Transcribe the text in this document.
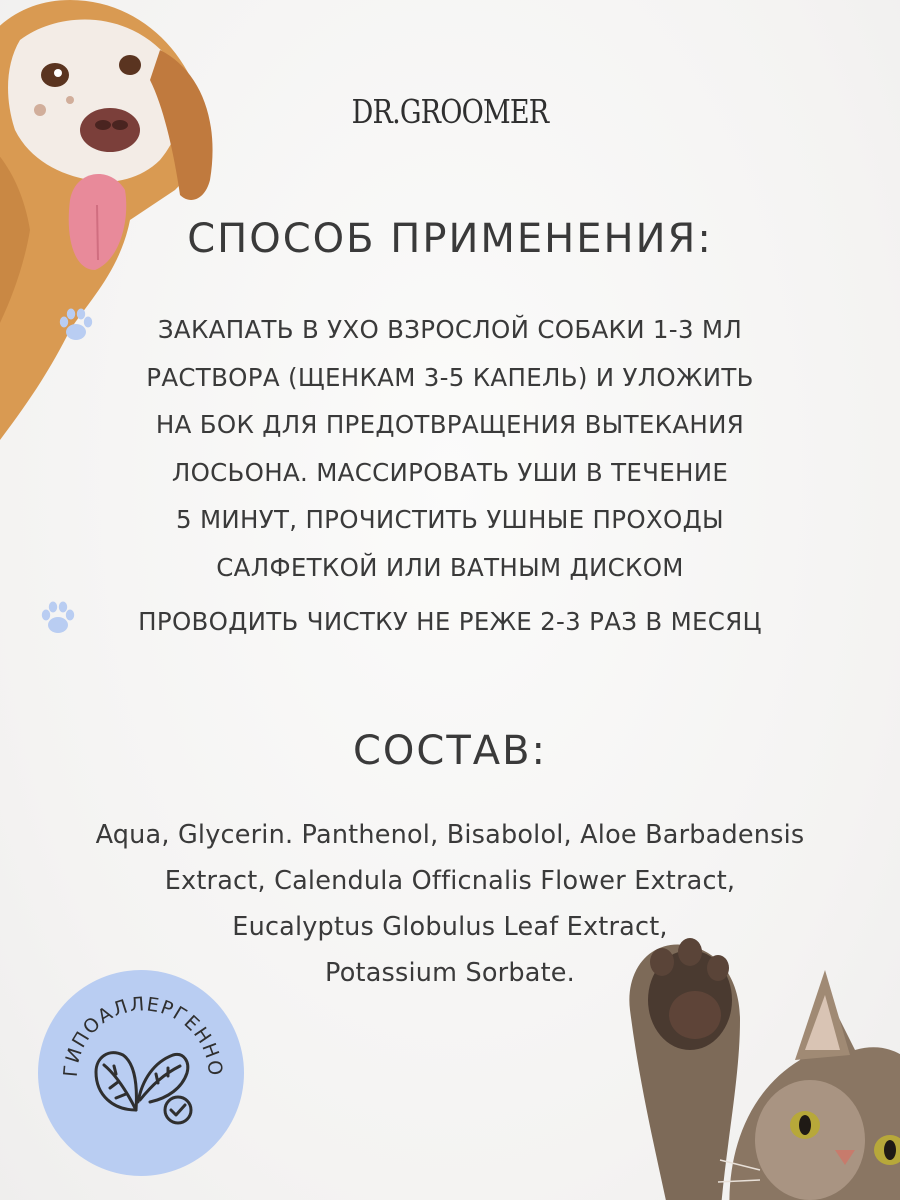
DR.GROOMER
СПОСОБ ПРИМЕНЕНИЯ:
ЗАКАПАТЬ В УХО ВЗРОСЛОЙ СОБАКИ 1-3 МЛ
РАСТВОРА (ЩЕНКАМ 3-5 КАПЕЛЬ) И УЛОЖИТЬ
НА БОК ДЛЯ ПРЕДОТВРАЩЕНИЯ ВЫТЕКАНИЯ
ЛОСЬОНА. МАССИРОВАТЬ УШИ В ТЕЧЕНИЕ
5 МИНУТ, ПРОЧИСТИТЬ УШНЫЕ ПРОХОДЫ
САЛФЕТКОЙ ИЛИ ВАТНЫМ ДИСКОМ
ПРОВОДИТЬ ЧИСТКУ НЕ РЕЖЕ 2-3 РАЗ В МЕСЯЦ
СОСТАВ:
Aqua, Glycerin. Panthenol, Bisabolol, Aloe Barbadensis
Extract, Calendula Officnalis Flower Extract,
Eucalyptus Globulus Leaf Extract,
Potassium Sorbate.
ГИПОАЛЛЕРГЕННО
